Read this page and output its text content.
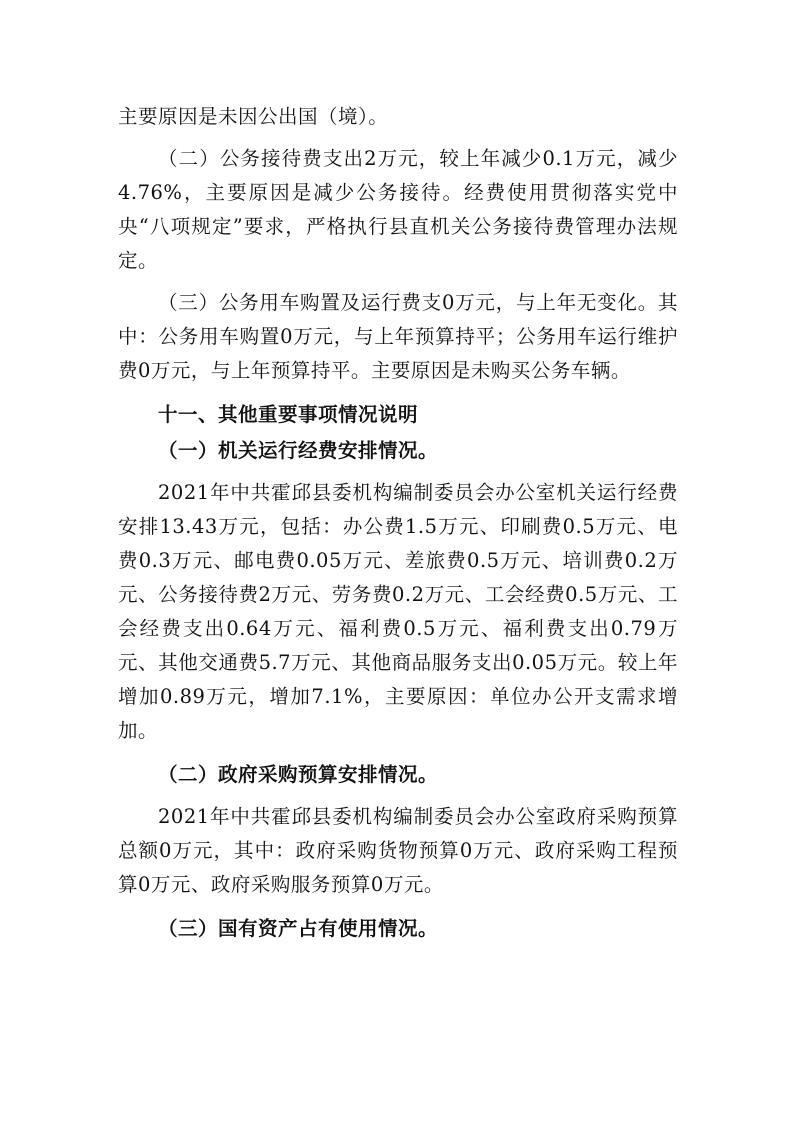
主要原因是未因公出国（境）。

（二）公务接待费支出2万元，较上年减少0.1万元，减少4.76%，主要原因是减少公务接待。经费使用贯彻落实党中央“八项规定”要求，严格执行县直机关公务接待费管理办法规定。

（三）公务用车购置及运行费支0万元，与上年无变化。其中：公务用车购置0万元，与上年预算持平；公务用车运行维护费0万元，与上年预算持平。主要原因是未购买公务车辆。

十一、其他重要事项情况说明

（一）机关运行经费安排情况。

2021年中共霍邱县委机构编制委员会办公室机关运行经费安排13.43万元，包括：办公费1.5万元、印刷费0.5万元、电费0.3万元、邮电费0.05万元、差旅费0.5万元、培训费0.2万元、公务接待费2万元、劳务费0.2万元、工会经费0.5万元、工会经费支出0.64万元、福利费0.5万元、福利费支出0.79万元、其他交通费5.7万元、其他商品服务支出0.05万元。较上年增加0.89万元，增加7.1%，主要原因：单位办公开支需求增加。

（二）政府采购预算安排情况。

2021年中共霍邱县委机构编制委员会办公室政府采购预算总额0万元，其中：政府采购货物预算0万元、政府采购工程预算0万元、政府采购服务预算0万元。

（三）国有资产占有使用情况。
